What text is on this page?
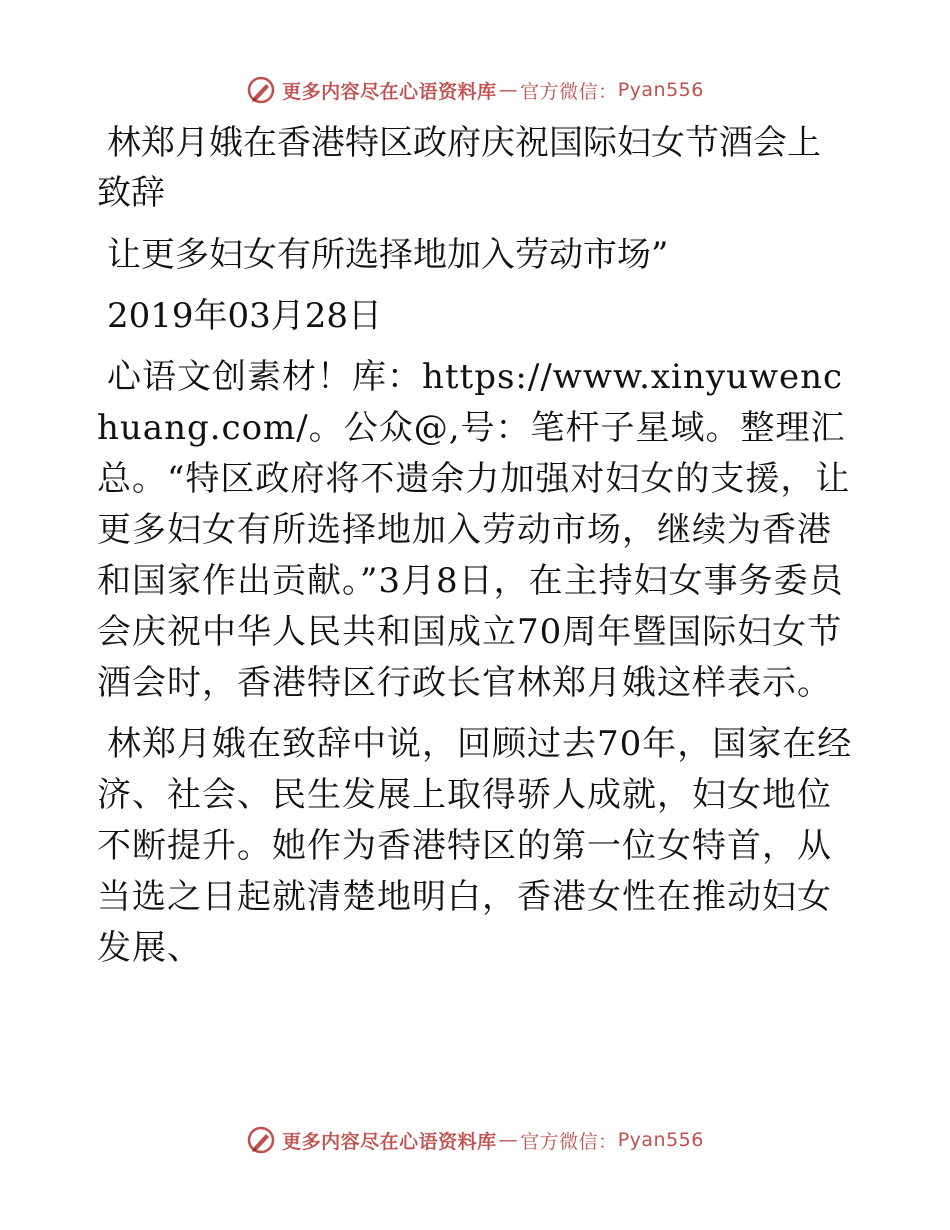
更多内容尽在心语资料库 — 官方微信： Pyan556
林郑月娥在香港特区政府庆祝国际妇女节酒会上致辞
让更多妇女有所选择地加入劳动市场”
2019年03月28日
心语文创素材！库：https://www.xinyuwenchuang.com/。公众@,号：笔杆子星域。整理汇总。“特区政府将不遗余力加强对妇女的支援，让更多妇女有所选择地加入劳动市场，继续为香港和国家作出贡献。”3月8日，在主持妇女事务委员会庆祝中华人民共和国成立70周年暨国际妇女节酒会时，香港特区行政长官林郑月娥这样表示。
林郑月娥在致辞中说，回顾过去70年，国家在经济、社会、民生发展上取得骄人成就，妇女地位不断提升。她作为香港特区的第一位女特首，从当选之日起就清楚地明白，香港女性在推动妇女发展、
更多内容尽在心语资料库 — 官方微信： Pyan556
